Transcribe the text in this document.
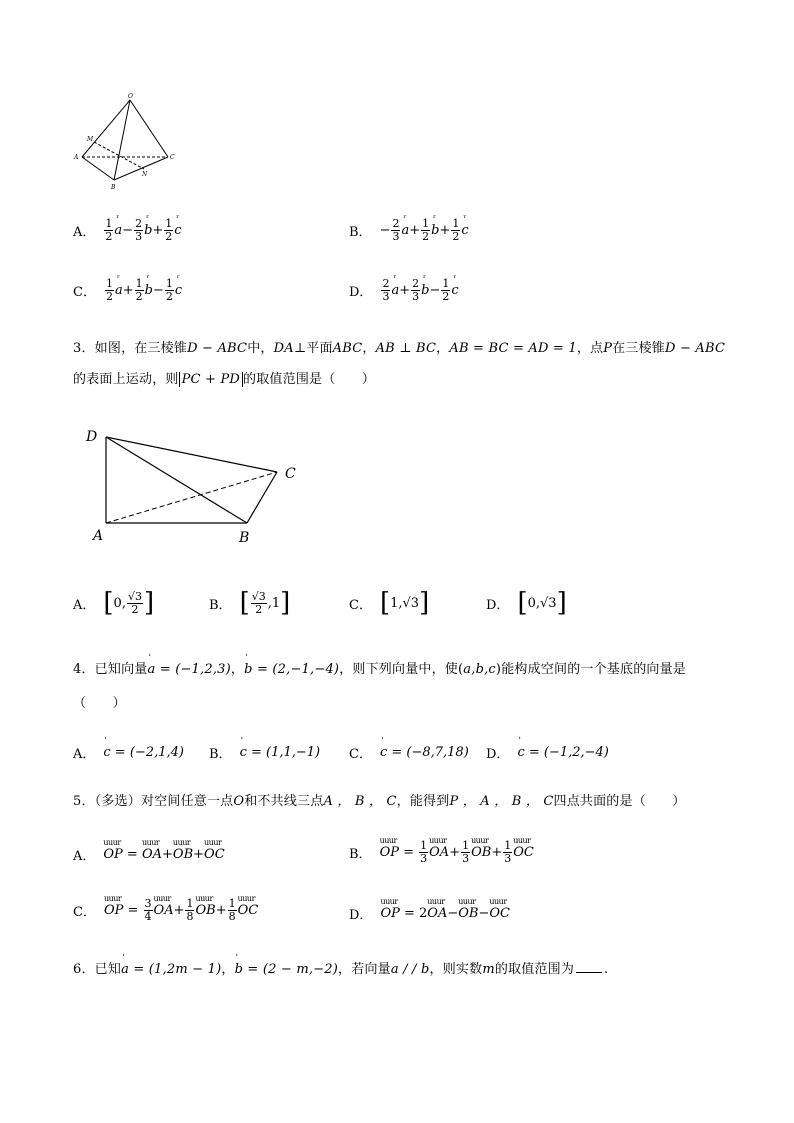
O
M
A
B
C
N
A． $\frac{1}{2}$ ʳ $a - \frac{2}{3}$ ʳ $b + \frac{1}{2}$ ʳ c	B． − $\frac{2}{3}$ ʳ $a + \frac{1}{2}$ ʳ $b + \frac{1}{2}$ ʳ c
C． $\frac{1}{2}$ ʳ $a + \frac{1}{2}$ ʳ $b - \frac{1}{2}$ ʳ c	D． $\frac{2}{3}$ ʳ $a + \frac{2}{3}$ ʳ $b - \frac{1}{2}$ ʳ c
3．如图，在三棱锥D − ABC中，DA⊥平面ABC，AB ⊥ BC，AB = BC = AD = 1，点P在三棱锥D − ABC
的表面上运动，则 PC + PD 的取值范围是（　　）
D
C
A	B
A． [ 0, $\frac{√3}{2}$ ]	B． [ $\frac{√3}{2} ,1$ ]	C． [ 1,√3 ]	D． [ 0,√3 ]
4．已知向量ˈ a = (−1,2,3)，ˈ b = (2,−1,−4)，则下列向量中，使(a,b,c)能构成空间的一个基底的向量是
（　　）
A． ˈ c = (−2,1,4) B． ˈ c = (1,1,−1) C． ˈ c = (−8,7,18) D． ˈ c = (−1,2,−4)
5．（多选）对空间任意一点O和不共线三点A ， B ， C，能得到P ， A ， B ， C四点共面的是（　　）
A． uuur OP = uuur OA + uuur OB + uuur OC	B． uuur OP = $\frac{1}{3}$ uuur OA + $\frac{1}{3}$ uuur OB + $\frac{1}{3}$ uuur OC
C． uuur OP = $\frac{3}{4}$ uuur OA + $\frac{1}{8}$ uuur OB + $\frac{1}{8}$ uuur OC	D． uuur OP = 2 uuur OA − uuur OB − uuur OC
6．已知ˈ a = (1,2m − 1)，ˈ b = (2 − m,−2)，若向量a / / b，则实数m的取值范围为 .
